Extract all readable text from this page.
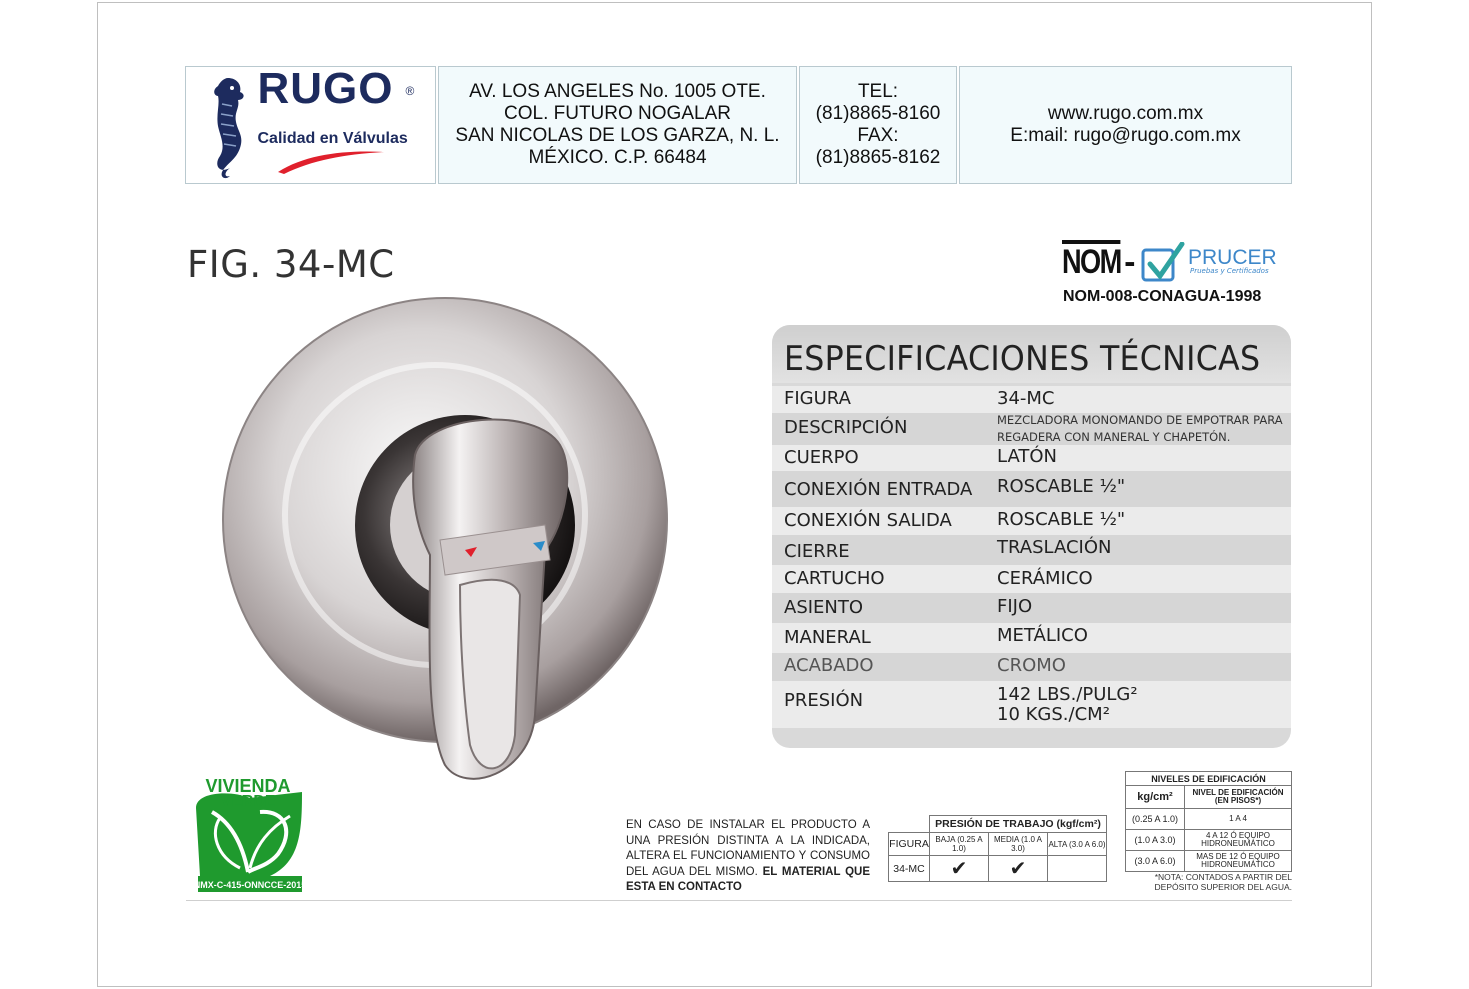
RUGO ®
Calidad en Válvulas
AV. LOS ANGELES No. 1005 OTE.
COL. FUTURO NOGALAR
SAN NICOLAS DE LOS GARZA, N. L.
MÉXICO. C.P. 66484
TEL:
(81)8865-8160
FAX:
(81)8865-8162
www.rugo.com.mx
E:mail: rugo@rugo.com.mx
FIG. 34-MC	NOM - PRUCER
Pruebas y Certificados
NOM-008-CONAGUA-1998
ESPECIFICACIONES TÉCNICAS
FIGURA	34-MC
DESCRIPCIÓN	MEZCLADORA MONOMANDO DE EMPOTRAR PARA REGADERA CON MANERAL Y CHAPETÓN.
CUERPO	LATÓN
CONEXIÓN ENTRADA ROSCABLE ½"
CONEXIÓN SALIDA	ROSCABLE ½"
CIERRE	TRASLACIÓN
CARTUCHO	CERÁMICO
ASIENTO	FIJO
MANERAL	METÁLICO
ACABADO	CROMO
PRESIÓN	142 LBS./PULG²
10 KGS./CM²
VIVIENDA
VERDE
NMX-C-415-ONNCCE-2015
EN CASO DE INSTALAR EL PRODUCTO A UNA PRESIÓN DISTINTA A LA INDICADA, ALTERA EL FUNCIONAMIENTO Y CONSUMO DEL AGUA DEL MISMO. EL MATERIAL QUE ESTA EN CONTACTO
	PRESIÓN DE TRABAJO (kgf/cm²)		
FIGURA	BAJA (0.25 A 1.0)	MEDIA (1.0 A 3.0)	ALTA (3.0 A 6.0)
34-MC	✔	✔	
NIVELES DE EDIFICACIÓN	
kg/cm²	NIVEL DE EDIFICACIÓN (EN PISOS*)
(0.25 A 1.0)	1 A 4
(1.0 A 3.0)	4 A 12 Ó EQUIPO HIDRONEUMÁTICO
(3.0 A 6.0)	MAS DE 12 Ó EQUIPO HIDRONEUMÁTICO
*NOTA: CONTADOS A PARTIR DEL DEPÓSITO SUPERIOR DEL AGUA.
